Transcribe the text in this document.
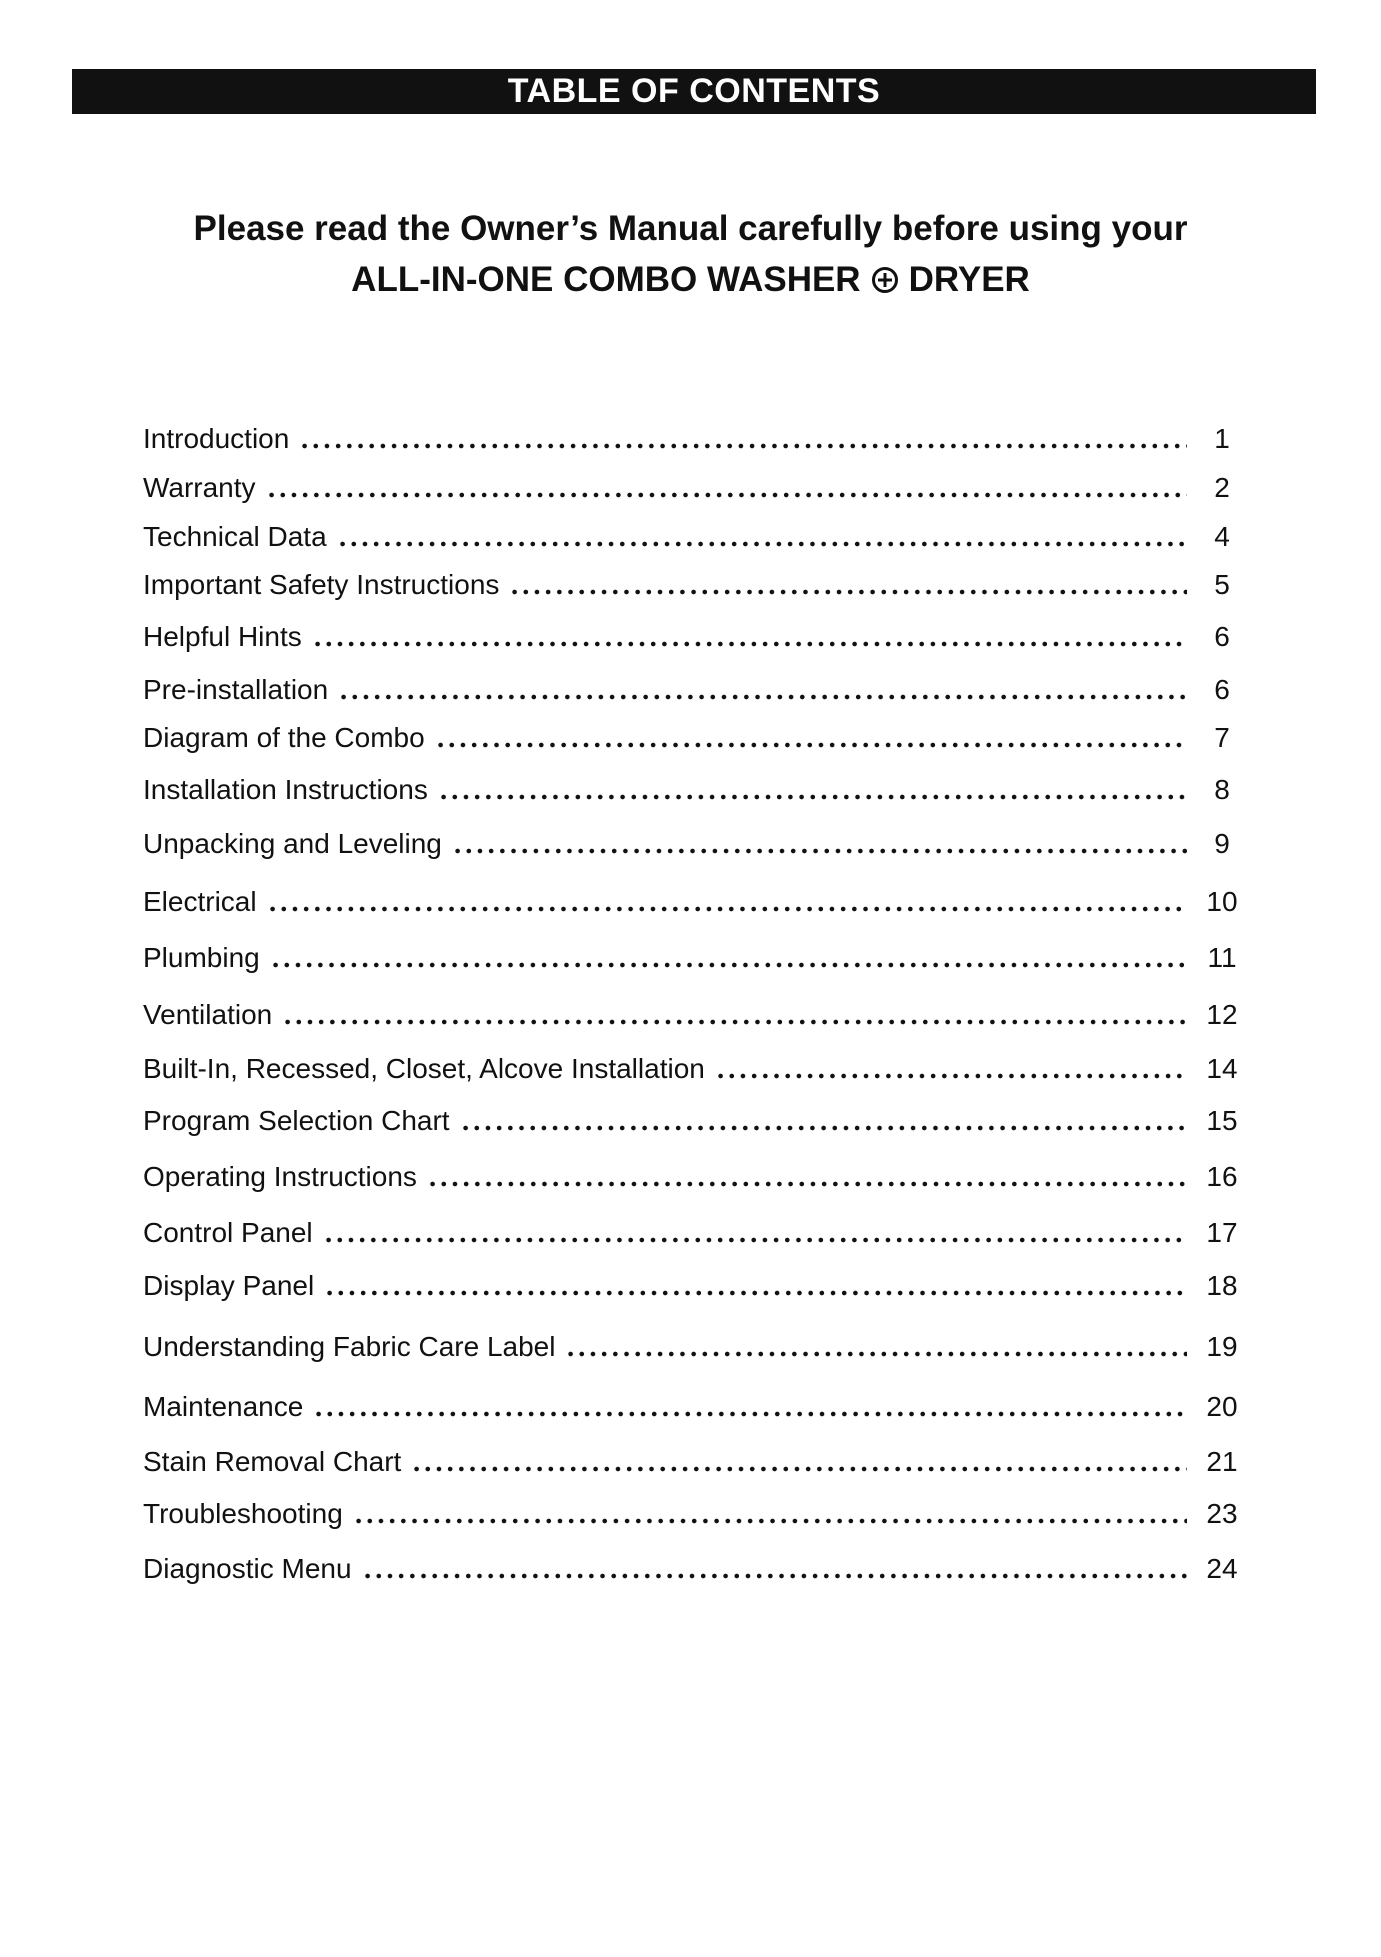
TABLE OF CONTENTS
Please read the Owner’s Manual carefully before using your
ALL-IN-ONE COMBO WASHER DRYER
Introduction	1
Warranty	2
Technical Data	4
Important Safety Instructions	5
Helpful Hints	6
Pre-installation	6
Diagram of the Combo	7
Installation Instructions	8
Unpacking and Leveling	9
Electrical	10
Plumbing	11
Ventilation	12
Built-In, Recessed, Closet, Alcove Installation	14
Program Selection Chart	15
Operating Instructions	16
Control Panel	17
Display Panel	18
Understanding Fabric Care Label	19
Maintenance	20
Stain Removal Chart	21
Troubleshooting	23
Diagnostic Menu	24
